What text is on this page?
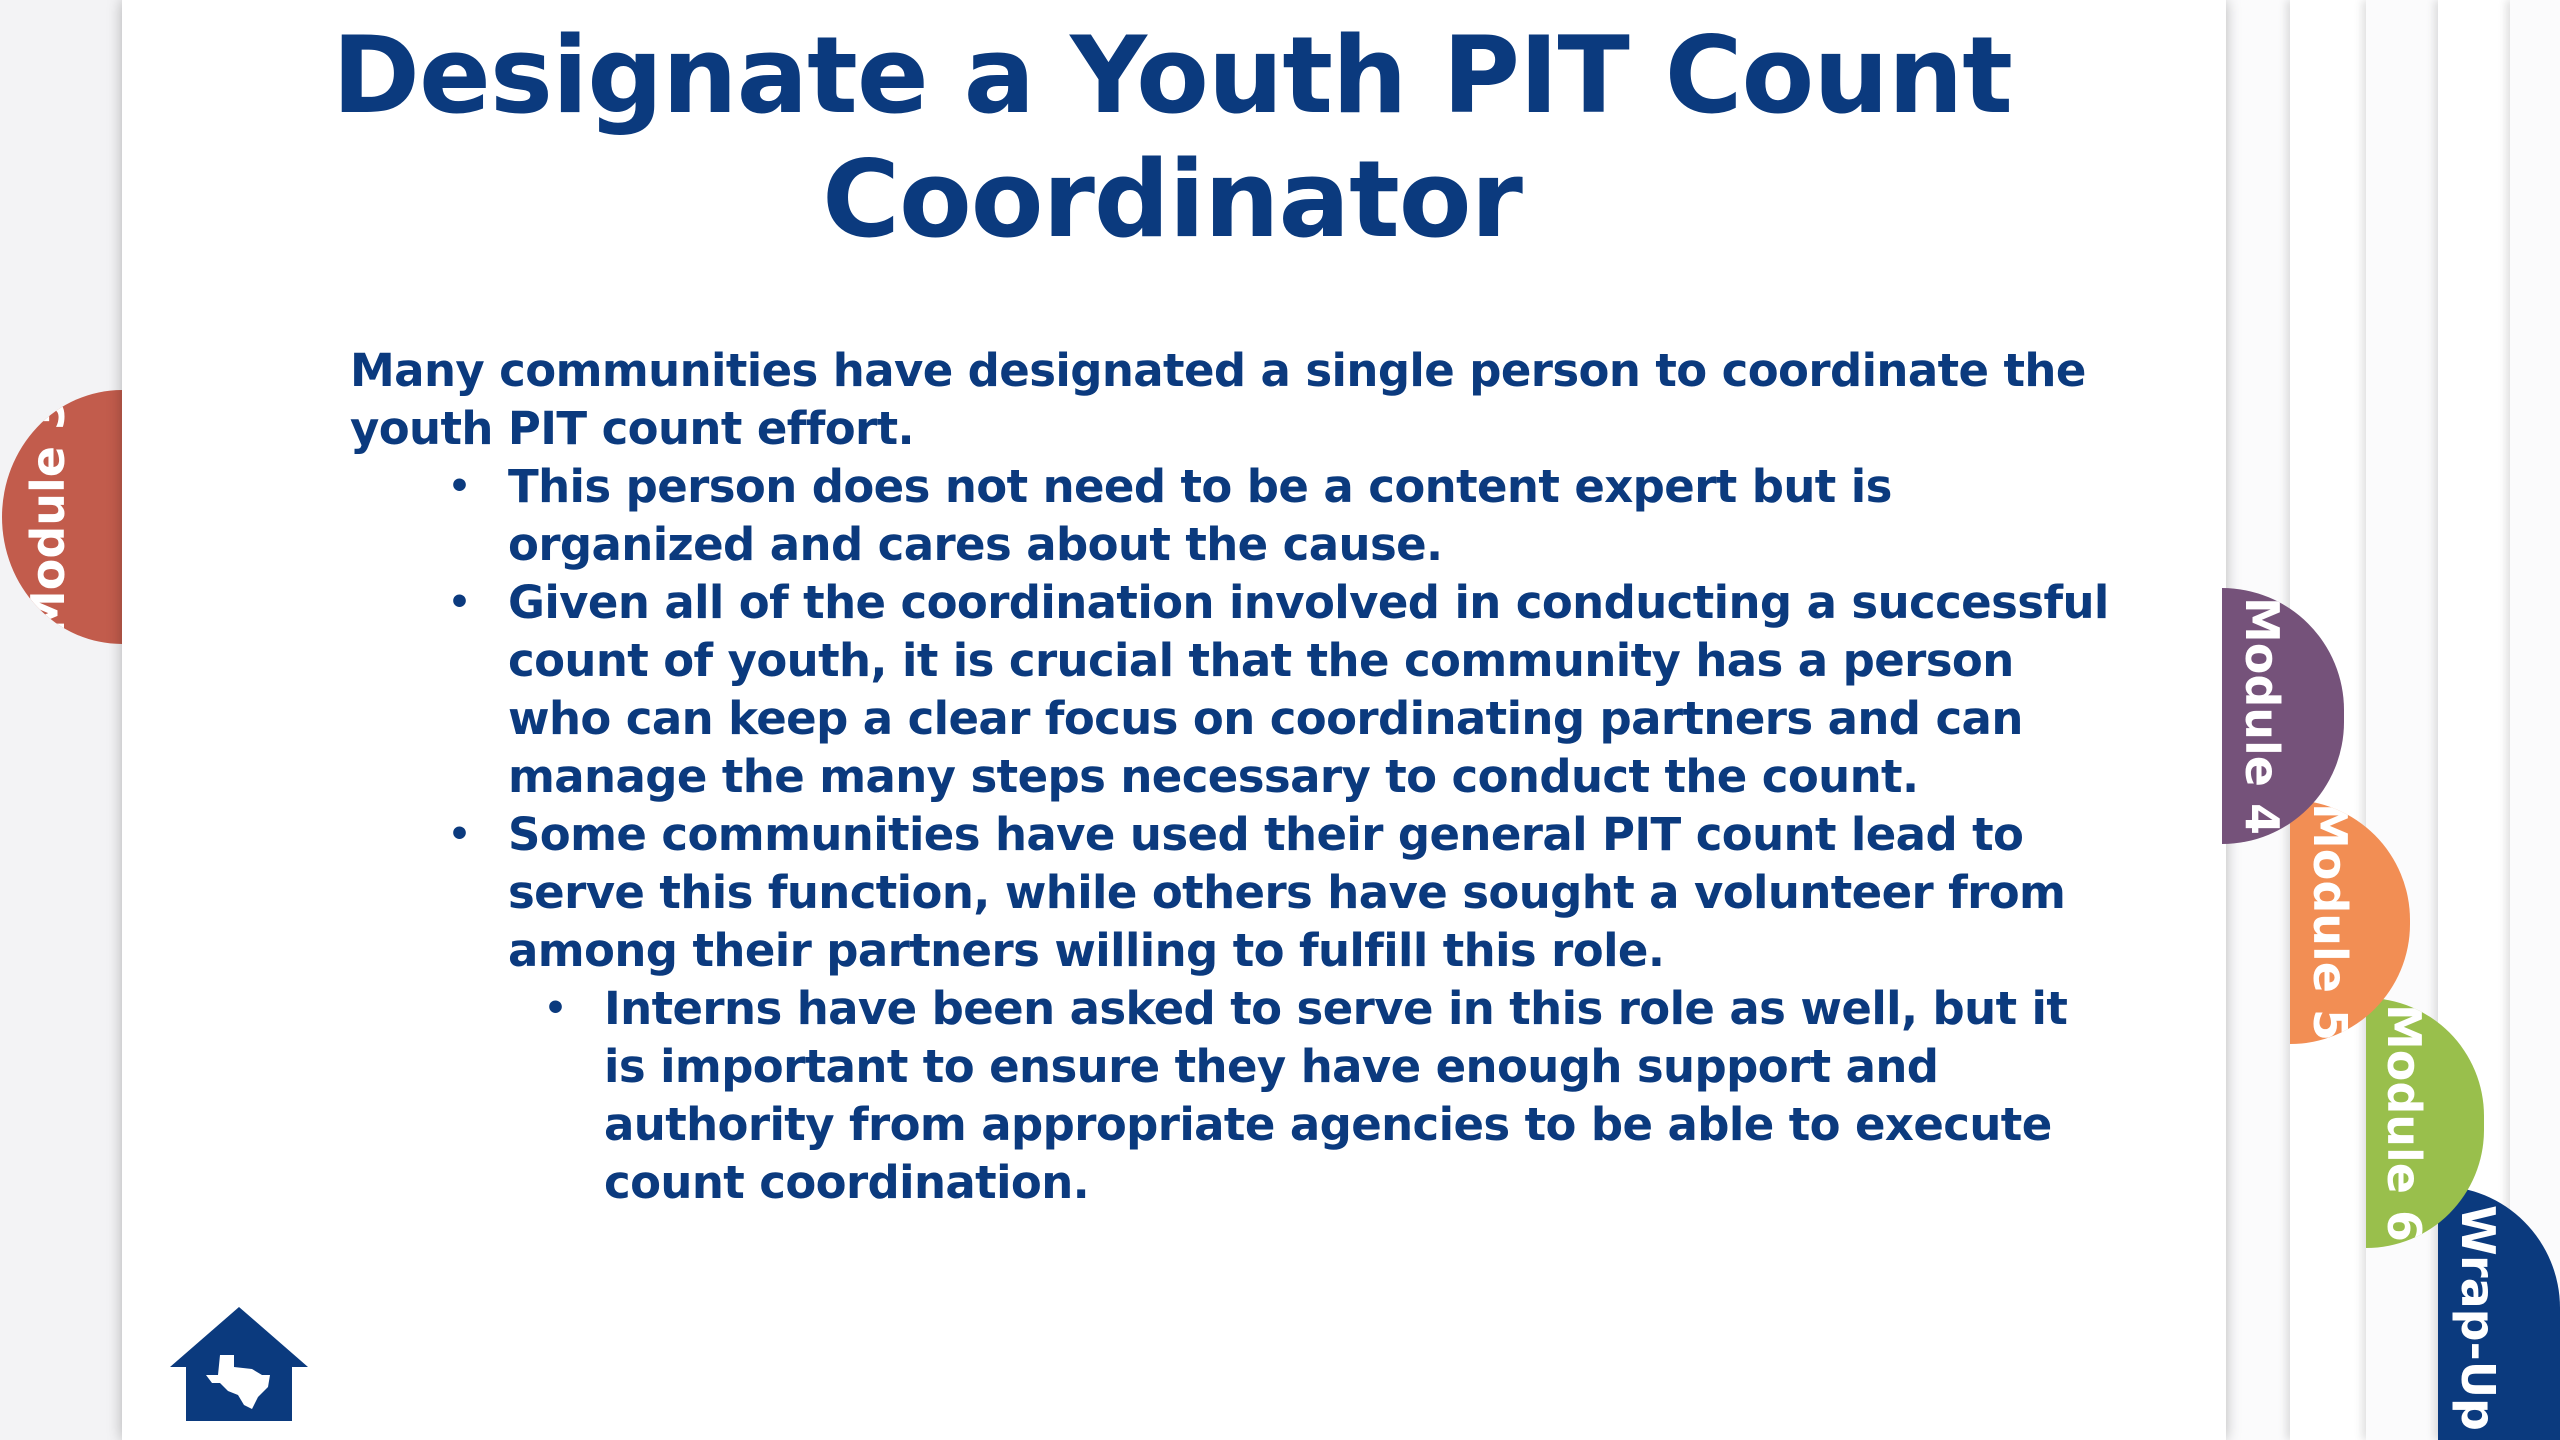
Module 3
Designate a Youth PIT Count
Coordinator

Many communities have designated a single person to coordinate the youth PIT count effort.

• This person does not need to be a content expert but is organized and cares about the cause.
• Given all of the coordination involved in conducting a successful count of youth, it is crucial that the community has a person who can keep a clear focus on coordinating partners and can manage the many steps necessary to conduct the count.
• Some communities have used their general PIT count lead to serve this function, while others have sought a volunteer from among their partners willing to fulfill this role.
• Interns have been asked to serve in this role as well, but it is important to ensure they have enough support and authority from appropriate agencies to be able to execute count coordination.
Module 4
Module 5
Module 6
Wrap-Up
